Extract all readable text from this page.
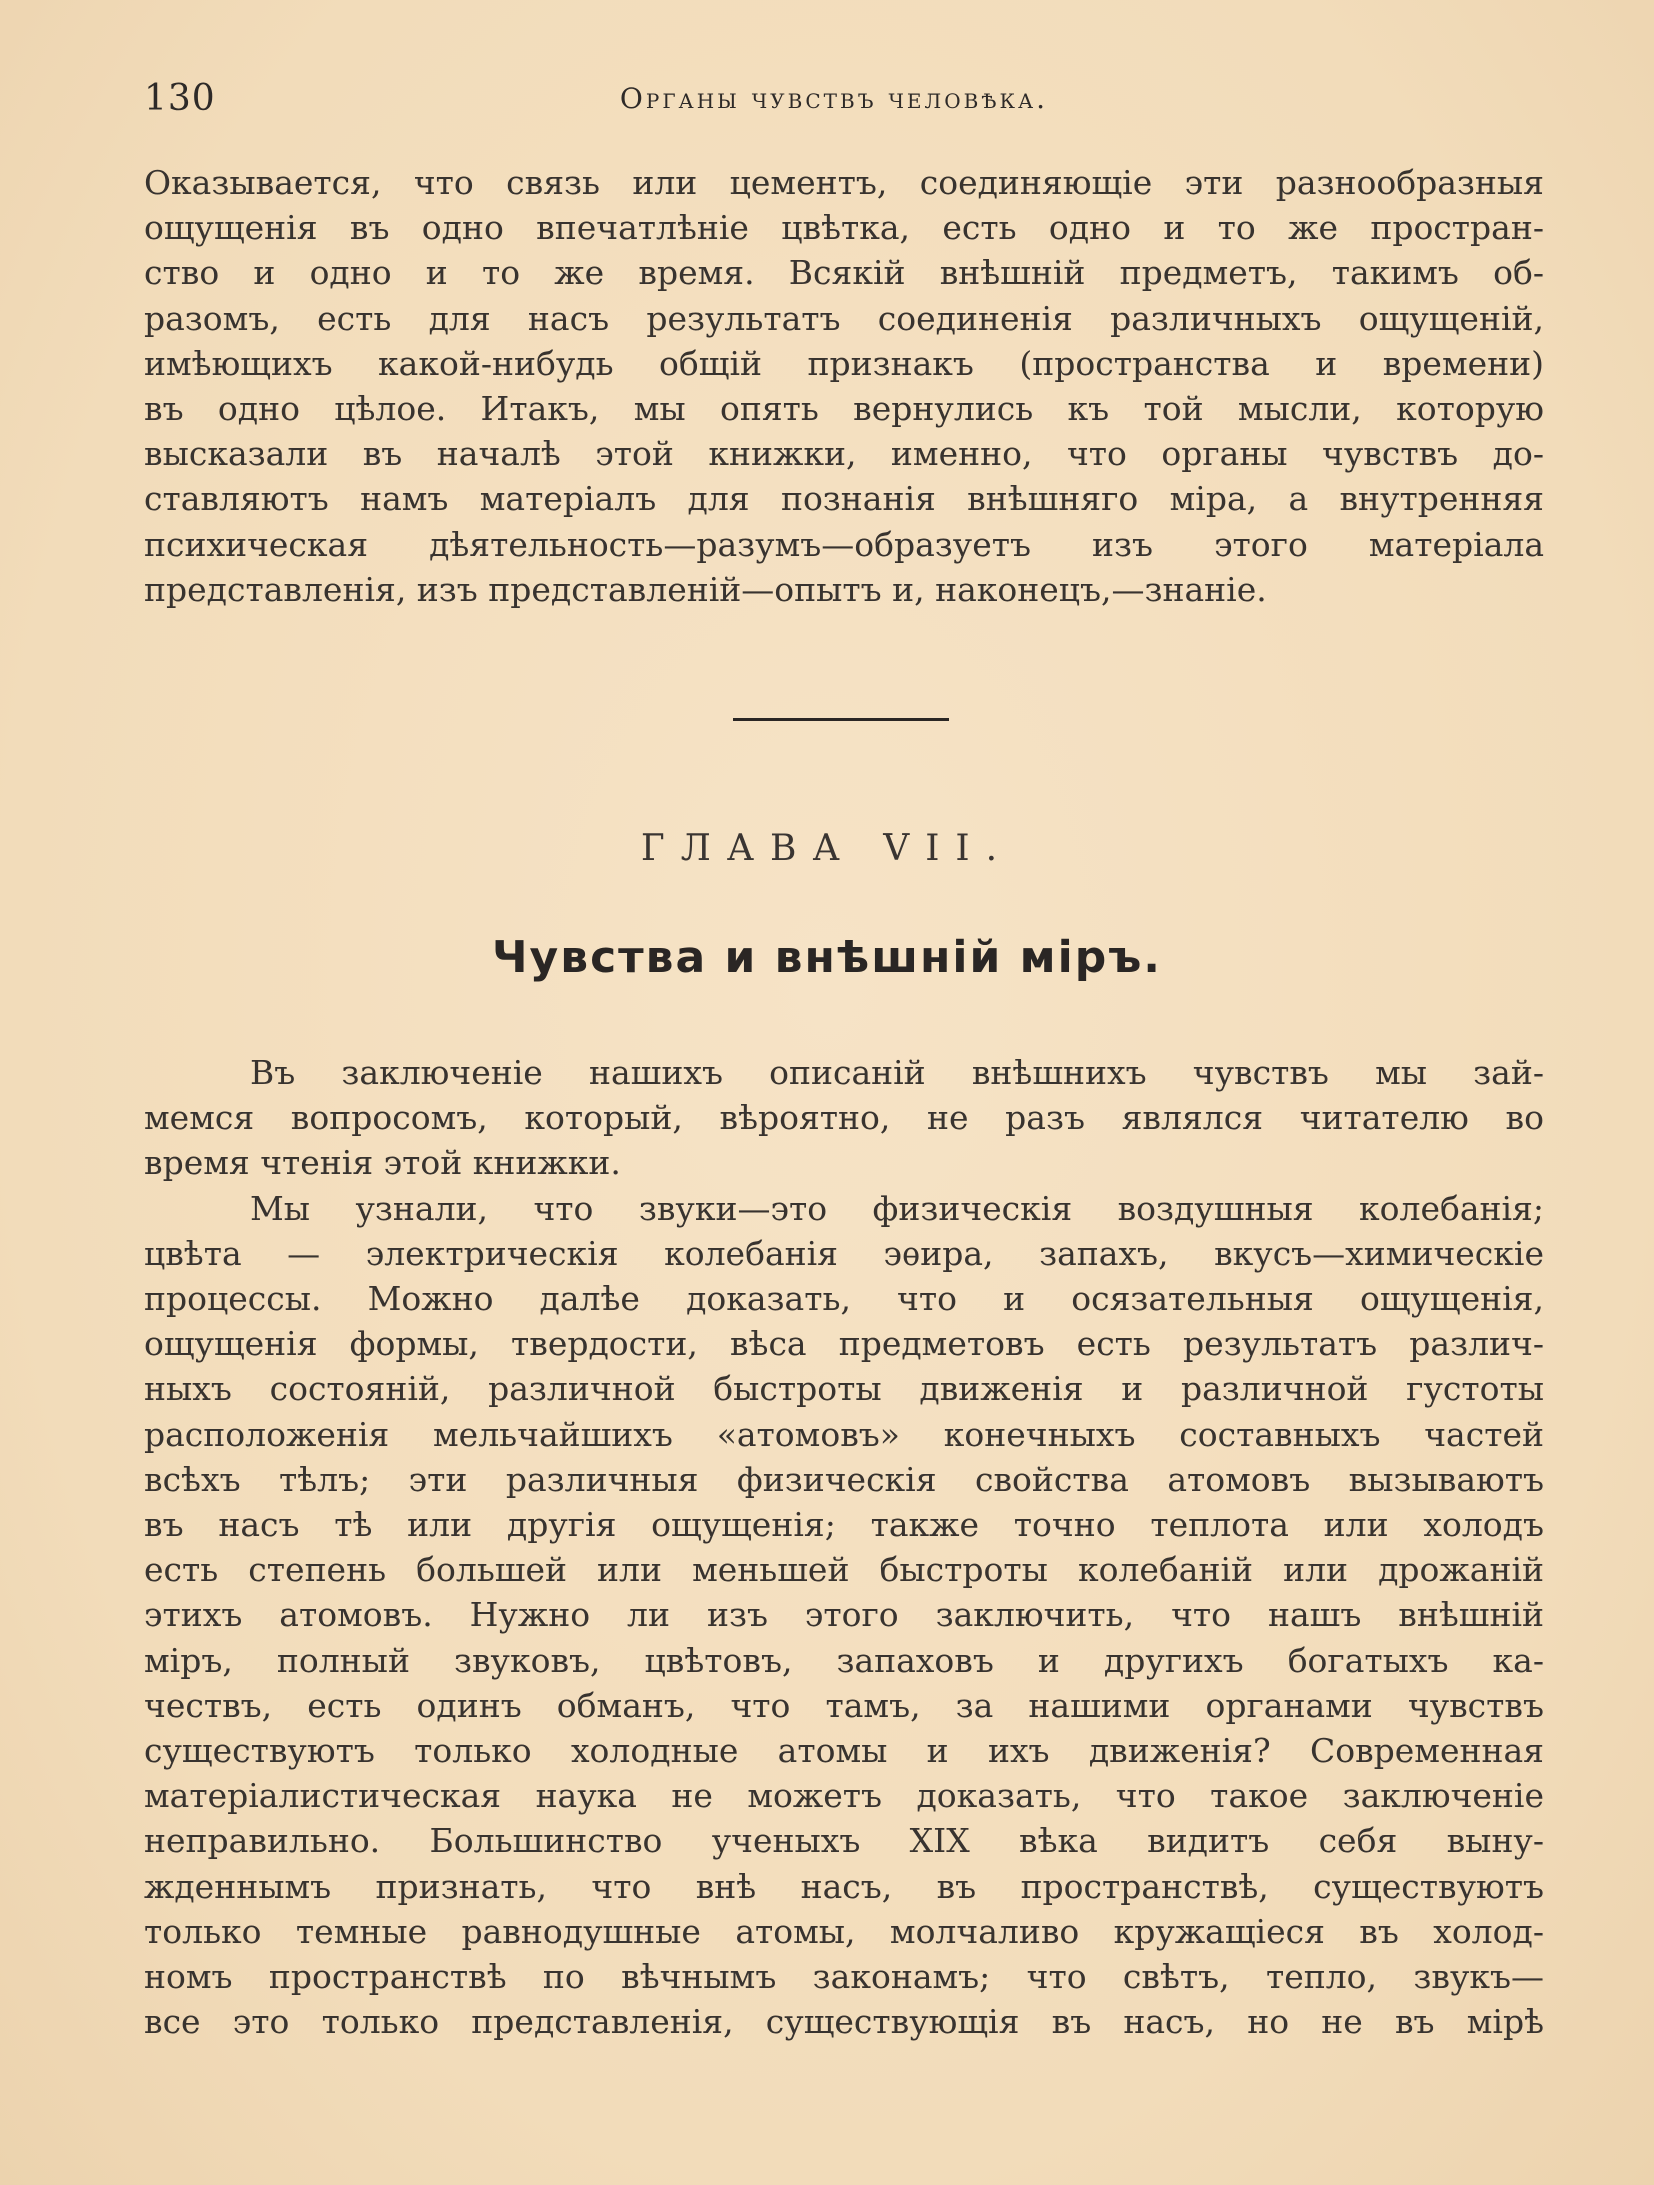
130	Органы чувствъ человѣка.

Оказывается, что связь или цементъ, соединяющіе эти разнообразныя

ощущенія въ одно впечатлѣніе цвѣтка, есть одно и то же простран-

ство и одно и то же время. Всякій внѣшній предметъ, такимъ об-

разомъ, есть для насъ результатъ соединенія различныхъ ощущеній,

имѣющихъ какой-нибудь общій признакъ (пространства и времени)

въ одно цѣлое. Итакъ, мы опять вернулись къ той мысли, которую

высказали въ началѣ этой книжки, именно, что органы чувствъ до-

ставляютъ намъ матеріалъ для познанія внѣшняго міра, а внутренняя

психическая дѣятельность—разумъ—образуетъ изъ этого матеріала

представленія, изъ представленій—опытъ и, наконецъ,—знаніе.

ГЛАВА VII.
Чувства и внѣшній міръ.

Въ заключеніе нашихъ описаній внѣшнихъ чувствъ мы зай-

мемся вопросомъ, который, вѣроятно, не разъ являлся читателю во

время чтенія этой книжки.

Мы узнали, что звуки—это физическія воздушныя колебанія;

цвѣта — электрическія колебанія эѳира, запахъ, вкусъ—химическіе

процессы. Можно далѣе доказать, что и осязательныя ощущенія,

ощущенія формы, твердости, вѣса предметовъ есть результатъ различ-

ныхъ состояній, различной быстроты движенія и различной густоты

расположенія мельчайшихъ «атомовъ» конечныхъ составныхъ частей

всѣхъ тѣлъ; эти различныя физическія свойства атомовъ вызываютъ

въ насъ тѣ или другія ощущенія; также точно теплота или холодъ

есть степень большей или меньшей быстроты колебаній или дрожаній

этихъ атомовъ. Нужно ли изъ этого заключить, что нашъ внѣшній

міръ, полный звуковъ, цвѣтовъ, запаховъ и другихъ богатыхъ ка-

чествъ, есть одинъ обманъ, что тамъ, за нашими органами чувствъ

существуютъ только холодные атомы и ихъ движенія? Современная

матеріалистическая наука не можетъ доказать, что такое заключеніе

неправильно. Большинство ученыхъ XIX вѣка видитъ себя выну-

жденнымъ признать, что внѣ насъ, въ пространствѣ, существуютъ

только темные равнодушные атомы, молчаливо кружащіеся въ холод-

номъ пространствѣ по вѣчнымъ законамъ; что свѣтъ, тепло, звукъ—

все это только представленія, существующія въ насъ, но не въ мірѣ
